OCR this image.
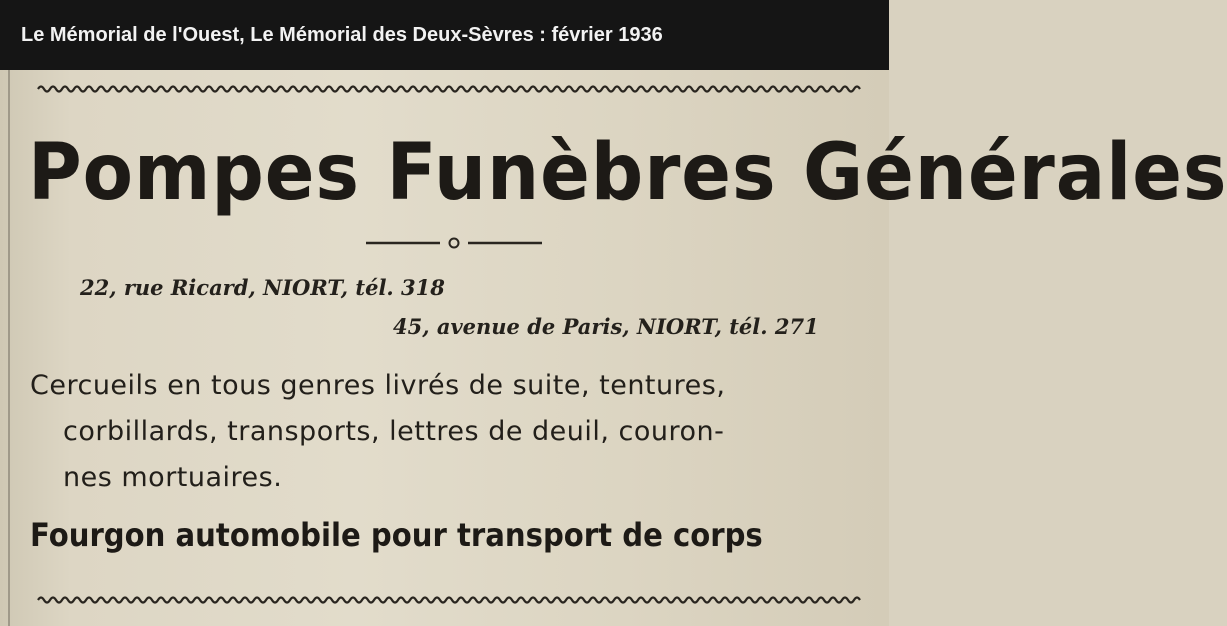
Le Mémorial de l'Ouest, Le Mémorial des Deux-Sèvres : février 1936
Pompes Funèbres Générales
22, rue Ricard, NIORT, tél. 318
45, avenue de Paris, NIORT, tél. 271
Cercueils en tous genres livrés de suite, tentures,
corbillards, transports, lettres de deuil, couron-
nes mortuaires.
Fourgon automobile pour transport de corps
